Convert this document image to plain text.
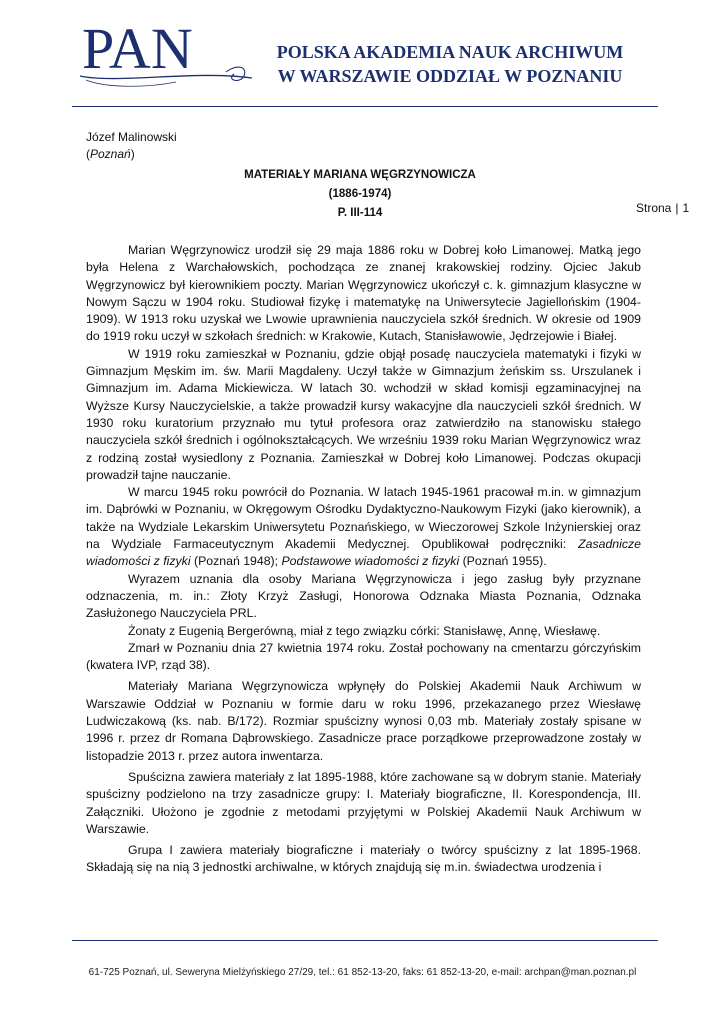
PAN	POLSKA AKADEMIA NAUK ARCHIWUM
W WARSZAWIE ODDZIAŁ W POZNANIU
Józef Malinowski
(Poznań)
MATERIAŁY MARIANA WĘGRZYNOWICZA
(1886-1974)
P. III-114	Strona | 1

Marian Węgrzynowicz urodził się 29 maja 1886 roku w Dobrej koło Limanowej. Matką jego była Helena z Warchałowskich, pochodząca ze znanej krakowskiej rodziny. Ojciec Jakub Węgrzynowicz był kierownikiem poczty. Marian Węgrzynowicz ukończył c. k. gimnazjum klasyczne w Nowym Sączu w 1904 roku. Studiował fizykę i matematykę na Uniwersytecie Jagiellońskim (1904-1909). W 1913 roku uzyskał we Lwowie uprawnienia nauczyciela szkół średnich. W okresie od 1909 do 1919 roku uczył w szkołach średnich: w Krakowie, Kutach, Stanisławowie, Jędrzejowie i Białej.

W 1919 roku zamieszkał w Poznaniu, gdzie objął posadę nauczyciela matematyki i fizyki w Gimnazjum Męskim im. św. Marii Magdaleny. Uczył także w Gimnazjum żeńskim ss. Urszulanek i Gimnazjum im. Adama Mickiewicza. W latach 30. wchodził w skład komisji egzaminacyjnej na Wyższe Kursy Nauczycielskie, a także prowadził kursy wakacyjne dla nauczycieli szkół średnich. W 1930 roku kuratorium przyznało mu tytuł profesora oraz zatwierdziło na stanowisku stałego nauczyciela szkół średnich i ogólnokształcących. We wrześniu 1939 roku Marian Węgrzynowicz wraz z rodziną został wysiedlony z Poznania. Zamieszkał w Dobrej koło Limanowej. Podczas okupacji prowadził tajne nauczanie.

W marcu 1945 roku powrócił do Poznania. W latach 1945-1961 pracował m.in. w gimnazjum im. Dąbrówki w Poznaniu, w Okręgowym Ośrodku Dydaktyczno-Naukowym Fizyki (jako kierownik), a także na Wydziale Lekarskim Uniwersytetu Poznańskiego, w Wieczorowej Szkole Inżynierskiej oraz na Wydziale Farmaceutycznym Akademii Medycznej. Opublikował podręczniki: Zasadnicze wiadomości z fizyki (Poznań 1948); Podstawowe wiadomości z fizyki (Poznań 1955).

Wyrazem uznania dla osoby Mariana Węgrzynowicza i jego zasług były przyznane odznaczenia, m. in.: Złoty Krzyż Zasługi, Honorowa Odznaka Miasta Poznania, Odznaka Zasłużonego Nauczyciela PRL.

Żonaty z Eugenią Bergerówną, miał z tego związku córki: Stanisławę, Annę, Wiesławę.

Zmarł w Poznaniu dnia 27 kwietnia 1974 roku. Został pochowany na cmentarzu górczyńskim (kwatera IVP, rząd 38).

Materiały Mariana Węgrzynowicza wpłynęły do Polskiej Akademii Nauk Archiwum w Warszawie Oddział w Poznaniu w formie daru w roku 1996, przekazanego przez Wiesławę Ludwiczakową (ks. nab. B/172). Rozmiar spuścizny wynosi 0,03 mb. Materiały zostały spisane w 1996 r. przez dr Romana Dąbrowskiego. Zasadnicze prace porządkowe przeprowadzone zostały w listopadzie 2013 r. przez autora inwentarza.

Spuścizna zawiera materiały z lat 1895-1988, które zachowane są w dobrym stanie. Materiały spuścizny podzielono na trzy zasadnicze grupy: I. Materiały biograficzne, II. Korespondencja, III. Załączniki. Ułożono je zgodnie z metodami przyjętymi w Polskiej Akademii Nauk Archiwum w Warszawie.

Grupa I zawiera materiały biograficzne i materiały o twórcy spuścizny z lat 1895-1968. Składają się na nią 3 jednostki archiwalne, w których znajdują się m.in. świadectwa urodzenia i

61-725 Poznań, ul. Seweryna Mielżyńskiego 27/29, tel.: 61 852-13-20, faks: 61 852-13-20, e-mail: archpan@man.poznan.pl
